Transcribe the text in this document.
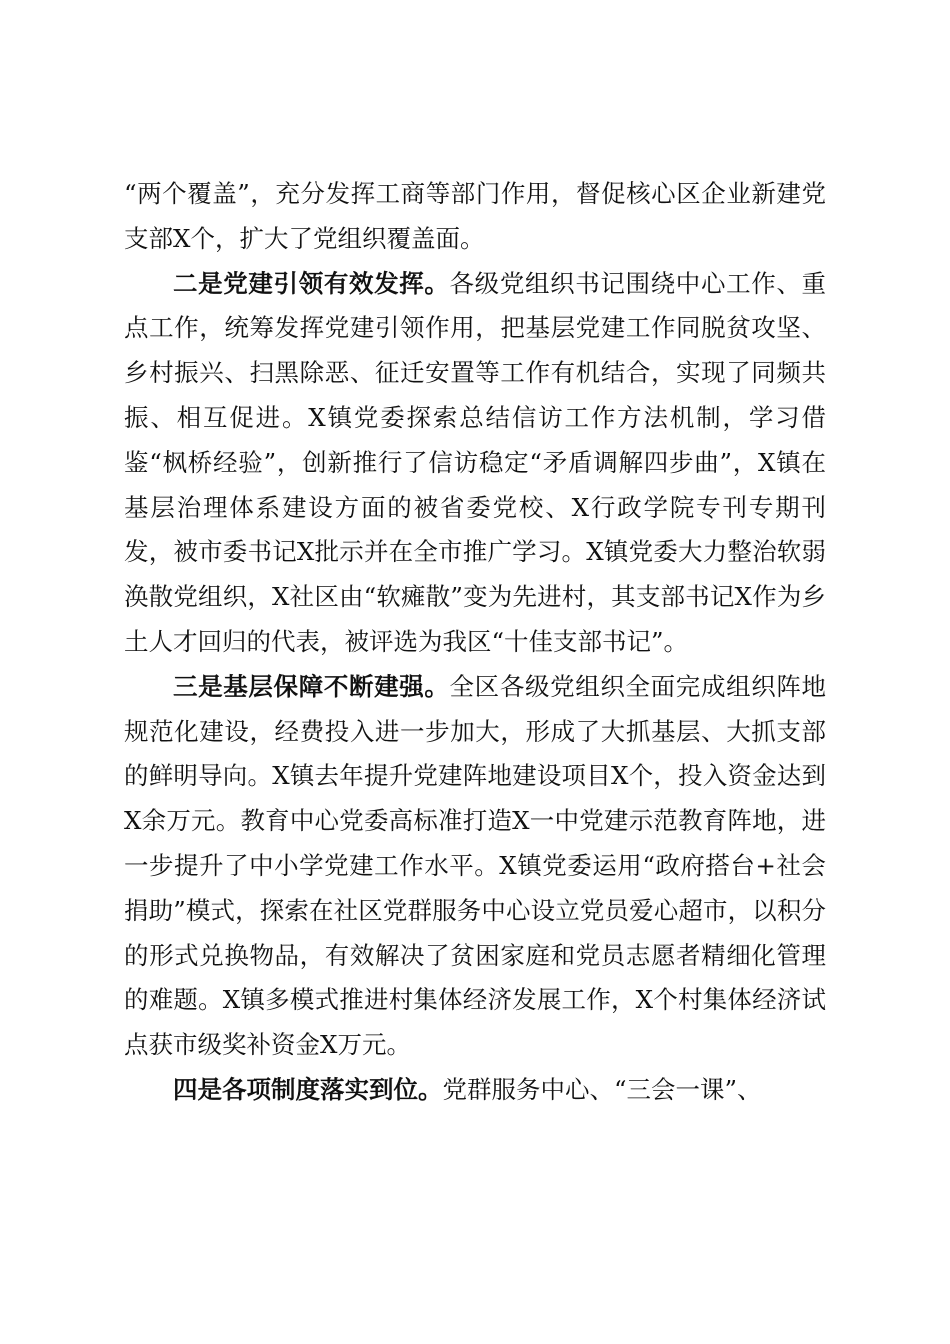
“两个覆盖”，充分发挥工商等部门作用，督促核心区企业新建党支部X个，扩大了党组织覆盖面。

二是党建引领有效发挥。各级党组织书记围绕中心工作、重点工作，统筹发挥党建引领作用，把基层党建工作同脱贫攻坚、乡村振兴、扫黑除恶、征迁安置等工作有机结合，实现了同频共振、相互促进。X镇党委探索总结信访工作方法机制，学习借鉴“枫桥经验”，创新推行了信访稳定“矛盾调解四步曲”，X镇在基层治理体系建设方面的被省委党校、X行政学院专刊专期刊发，被市委书记X批示并在全市推广学习。X镇党委大力整治软弱涣散党组织，X社区由“软瘫散”变为先进村，其支部书记X作为乡土人才回归的代表，被评选为我区“十佳支部书记”。

三是基层保障不断建强。全区各级党组织全面完成组织阵地规范化建设，经费投入进一步加大，形成了大抓基层、大抓支部的鲜明导向。X镇去年提升党建阵地建设项目X个，投入资金达到X余万元。教育中心党委高标准打造X一中党建示范教育阵地，进一步提升了中小学党建工作水平。X镇党委运用“政府搭台+社会捐助”模式，探索在社区党群服务中心设立党员爱心超市，以积分的形式兑换物品，有效解决了贫困家庭和党员志愿者精细化管理的难题。X镇多模式推进村集体经济发展工作，X个村集体经济试点获市级奖补资金X万元。

四是各项制度落实到位。党群服务中心、“三会一课”、
